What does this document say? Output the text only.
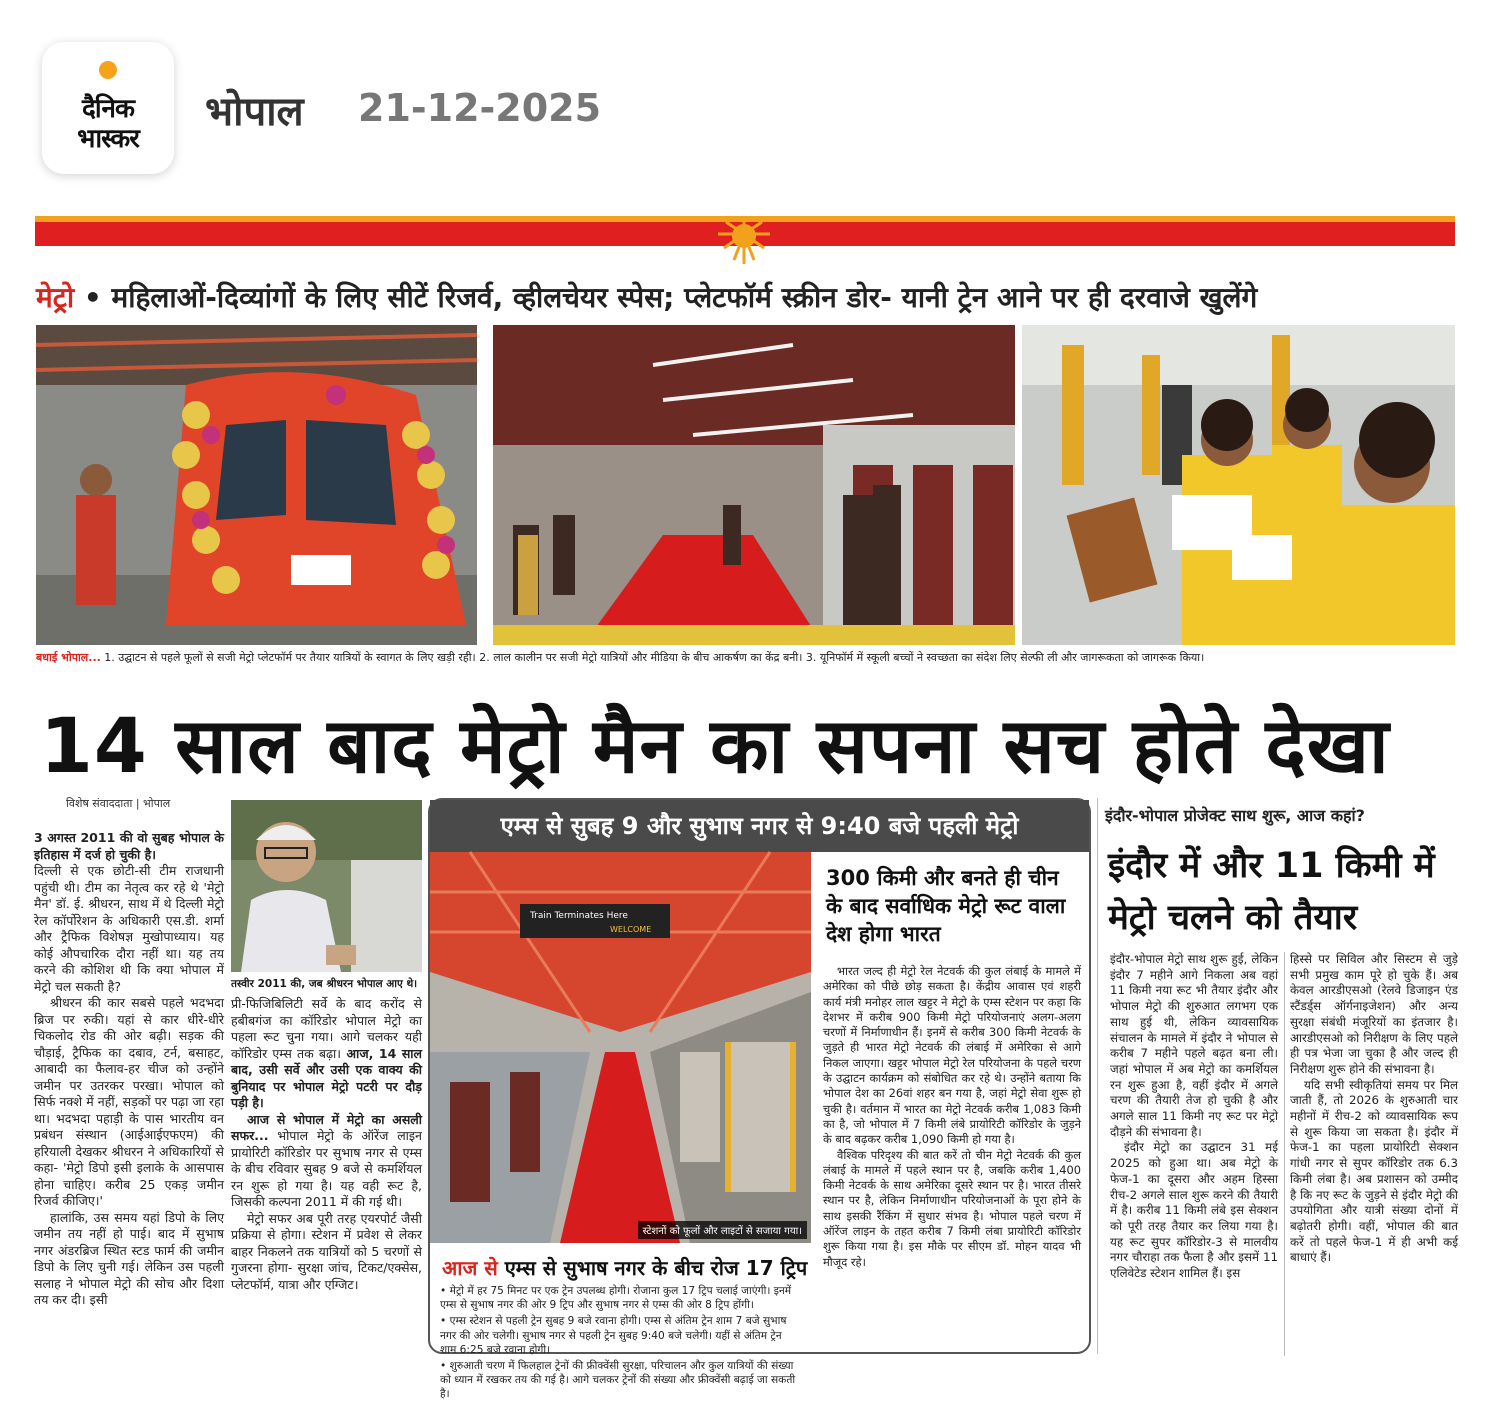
दैनिक भास्कर
भोपाल 21-12-2025
मेट्रो • महिलाओं-दिव्यांगों के लिए सीटें रिजर्व, व्हीलचेयर स्पेस; प्लेटफॉर्म स्क्रीन डोर- यानी ट्रेन आने पर ही दरवाजे खुलेंगे
बधाई भोपाल... 1. उद्घाटन से पहले फूलों से सजी मेट्रो प्लेटफॉर्म पर तैयार यात्रियों के स्वागत के लिए खड़ी रही। 2. लाल कालीन पर सजी मेट्रो यात्रियों और मीडिया के बीच आकर्षण का केंद्र बनी। 3. यूनिफॉर्म में स्कूली बच्चों ने स्वच्छता का संदेश लिए सेल्फी ली और जागरूकता को जागरूक किया।
14 साल बाद मेट्रो मैन का सपना सच होते देखा
विशेष संवाददाता | भोपाल

3 अगस्त 2011 की वो सुबह भोपाल के इतिहास में दर्ज हो चुकी है।

दिल्ली से एक छोटी-सी टीम राजधानी पहुंची थी। टीम का नेतृत्व कर रहे थे 'मेट्रो मैन' डॉ. ई. श्रीधरन, साथ में थे दिल्ली मेट्रो रेल कॉर्पोरेशन के अधिकारी एस.डी. शर्मा और ट्रैफिक विशेषज्ञ मुखोपाध्याय। यह कोई औपचारिक दौरा नहीं था। यह तय करने की कोशिश थी कि क्या भोपाल में मेट्रो चल सकती है?

श्रीधरन की कार सबसे पहले भदभदा ब्रिज पर रुकी। यहां से कार धीरे-धीरे चिकलोद रोड की ओर बढ़ी। सड़क की चौड़ाई, ट्रैफिक का दबाव, टर्न, बसाहट, आबादी का फैलाव-हर चीज को उन्होंने जमीन पर उतरकर परखा। भोपाल को सिर्फ नक्शे में नहीं, सड़कों पर पढ़ा जा रहा था। भदभदा पहाड़ी के पास भारतीय वन प्रबंधन संस्थान (आईआईएफएम) की हरियाली देखकर श्रीधरन ने अधिकारियों से कहा- 'मेट्रो डिपो इसी इलाके के आसपास होना चाहिए। करीब 25 एकड़ जमीन रिजर्व कीजिए।'

हालांकि, उस समय यहां डिपो के लिए जमीन तय नहीं हो पाई। बाद में सुभाष नगर अंडरब्रिज स्थित स्टड फार्म की जमीन डिपो के लिए चुनी गई। लेकिन उस पहली सलाह ने भोपाल मेट्रो की सोच और दिशा तय कर दी। इसी

तस्वीर 2011 की, जब श्रीधरन भोपाल आए थे।

प्री-फिजिबिलिटी सर्वे के बाद करोंद से हबीबगंज का कॉरिडोर भोपाल मेट्रो का पहला रूट चुना गया। आगे चलकर यही कॉरिडोर एम्स तक बढ़ा। आज, 14 साल बाद, उसी सर्वे और उसी एक वाक्य की बुनियाद पर भोपाल मेट्रो पटरी पर दौड़ पड़ी है।

आज से भोपाल में मेट्रो का असली सफर... भोपाल मेट्रो के ऑरेंज लाइन प्रायोरिटी कॉरिडोर पर सुभाष नगर से एम्स के बीच रविवार सुबह 9 बजे से कमर्शियल रन शुरू हो गया है। यह वही रूट है, जिसकी कल्पना 2011 में की गई थी।

मेट्रो सफर अब पूरी तरह एयरपोर्ट जैसी प्रक्रिया से होगा। स्टेशन में प्रवेश से लेकर बाहर निकलने तक यात्रियों को 5 चरणों से गुजरना होगा- सुरक्षा जांच, टिकट/एक्सेस, प्लेटफॉर्म, यात्रा और एग्जिट।

एम्स से सुबह 9 और सुभाष नगर से 9:40 बजे पहली मेट्रो
Train Terminates Here
WELCOME
स्टेशनों को फूलों और लाइटों से सजाया गया।
300 किमी और बनते ही चीन के बाद सर्वाधिक मेट्रो रूट वाला देश होगा भारत

भारत जल्द ही मेट्रो रेल नेटवर्क की कुल लंबाई के मामले में अमेरिका को पीछे छोड़ सकता है। केंद्रीय आवास एवं शहरी कार्य मंत्री मनोहर लाल खट्टर ने मेट्रो के एम्स स्टेशन पर कहा कि देशभर में करीब 900 किमी मेट्रो परियोजनाएं अलग-अलग चरणों में निर्माणाधीन हैं। इनमें से करीब 300 किमी नेटवर्क के जुड़ते ही भारत मेट्रो नेटवर्क की लंबाई में अमेरिका से आगे निकल जाएगा। खट्टर भोपाल मेट्रो रेल परियोजना के पहले चरण के उद्घाटन कार्यक्रम को संबोधित कर रहे थे। उन्होंने बताया कि भोपाल देश का 26वां शहर बन गया है, जहां मेट्रो सेवा शुरू हो चुकी है। वर्तमान में भारत का मेट्रो नेटवर्क करीब 1,083 किमी का है, जो भोपाल में 7 किमी लंबे प्रायोरिटी कॉरिडोर के जुड़ने के बाद बढ़कर करीब 1,090 किमी हो गया है।

वैश्विक परिदृश्य की बात करें तो चीन मेट्रो नेटवर्क की कुल लंबाई के मामले में पहले स्थान पर है, जबकि करीब 1,400 किमी नेटवर्क के साथ अमेरिका दूसरे स्थान पर है। भारत तीसरे स्थान पर है, लेकिन निर्माणाधीन परियोजनाओं के पूरा होने के साथ इसकी रैंकिंग में सुधार संभव है। भोपाल पहले चरण में ऑरेंज लाइन के तहत करीब 7 किमी लंबा प्रायोरिटी कॉरिडोर शुरू किया गया है। इस मौके पर सीएम डॉ. मोहन यादव भी मौजूद रहे।

आज से एम्स से सुभाष नगर के बीच रोज 17 ट्रिप
• मेट्रो में हर 75 मिनट पर एक ट्रेन उपलब्ध होगी। रोजाना कुल 17 ट्रिप चलाई जाएंगी। इनमें एम्स से सुभाष नगर की ओर 9 ट्रिप और सुभाष नगर से एम्स की ओर 8 ट्रिप होंगी।
• एम्स स्टेशन से पहली ट्रेन सुबह 9 बजे रवाना होगी। एम्स से अंतिम ट्रेन शाम 7 बजे सुभाष नगर की ओर चलेगी। सुभाष नगर से पहली ट्रेन सुबह 9:40 बजे चलेगी। यहीं से अंतिम ट्रेन शाम 6:25 बजे रवाना होगी।
• शुरुआती चरण में फिलहाल ट्रेनों की फ्रीक्वेंसी सुरक्षा, परिचालन और कुल यात्रियों की संख्या को ध्यान में रखकर तय की गई है। आगे चलकर ट्रेनों की संख्या और फ्रीक्वेंसी बढ़ाई जा सकती है।
इंदौर-भोपाल प्रोजेक्ट साथ शुरू, आज कहां?
इंदौर में और 11 किमी में मेट्रो चलने को तैयार

इंदौर-भोपाल मेट्रो साथ शुरू हुई, लेकिन इंदौर 7 महीने आगे निकला अब वहां 11 किमी नया रूट भी तैयार इंदौर और भोपाल मेट्रो की शुरुआत लगभग एक साथ हुई थी, लेकिन व्यावसायिक संचालन के मामले में इंदौर ने भोपाल से करीब 7 महीने पहले बढ़त बना ली। जहां भोपाल में अब मेट्रो का कमर्शियल रन शुरू हुआ है, वहीं इंदौर में अगले चरण की तैयारी तेज हो चुकी है और अगले साल 11 किमी नए रूट पर मेट्रो दौड़ने की संभावना है।

इंदौर मेट्रो का उद्घाटन 31 मई 2025 को हुआ था। अब मेट्रो के फेज-1 का दूसरा और अहम हिस्सा रीच-2 अगले साल शुरू करने की तैयारी में है। करीब 11 किमी लंबे इस सेक्शन को पूरी तरह तैयार कर लिया गया है। यह रूट सुपर कॉरिडोर-3 से मालवीय नगर चौराहा तक फैला है और इसमें 11 एलिवेटेड स्टेशन शामिल हैं। इस

हिस्से पर सिविल और सिस्टम से जुड़े सभी प्रमुख काम पूरे हो चुके हैं। अब केवल आरडीएसओ (रेलवे डिजाइन एंड स्टैंडर्ड्स ऑर्गनाइजेशन) और अन्य सुरक्षा संबंधी मंजूरियों का इंतजार है। आरडीएसओ को निरीक्षण के लिए पहले ही पत्र भेजा जा चुका है और जल्द ही निरीक्षण शुरू होने की संभावना है।

यदि सभी स्वीकृतियां समय पर मिल जाती हैं, तो 2026 के शुरुआती चार महीनों में रीच-2 को व्यावसायिक रूप से शुरू किया जा सकता है। इंदौर में फेज-1 का पहला प्रायोरिटी सेक्शन गांधी नगर से सुपर कॉरिडोर तक 6.3 किमी लंबा है। अब प्रशासन को उम्मीद है कि नए रूट के जुड़ने से इंदौर मेट्रो की उपयोगिता और यात्री संख्या दोनों में बढ़ोतरी होगी। वहीं, भोपाल की बात करें तो पहले फेज-1 में ही अभी कई बाधाएं हैं।
